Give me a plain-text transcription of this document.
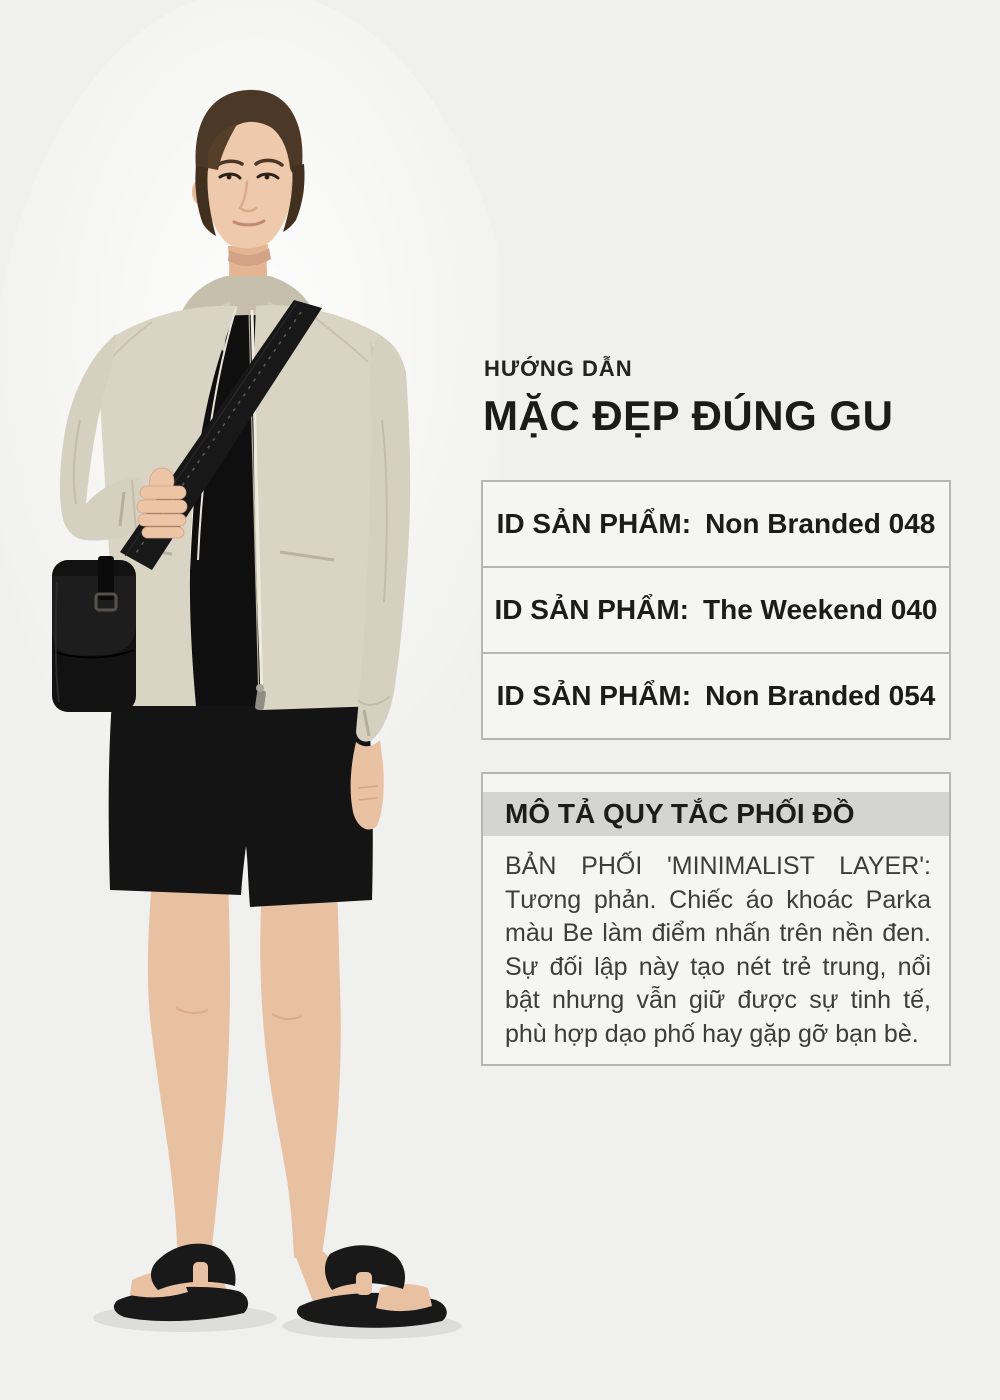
HƯỚNG DẪN
MẶC ĐẸP ĐÚNG GU
ID SẢN PHẨM: Non Branded 048
ID SẢN PHẨM: The Weekend 040
ID SẢN PHẨM: Non Branded 054
MÔ TẢ QUY TẮC PHỐI ĐỒ
BẢN PHỐI 'MINIMALIST LAYER': Tương phản. Chiếc áo khoác Parka màu Be làm điểm nhấn trên nền đen. Sự đối lập này tạo nét trẻ trung, nổi bật nhưng vẫn giữ được sự tinh tế, phù hợp dạo phố hay gặp gỡ bạn bè.
